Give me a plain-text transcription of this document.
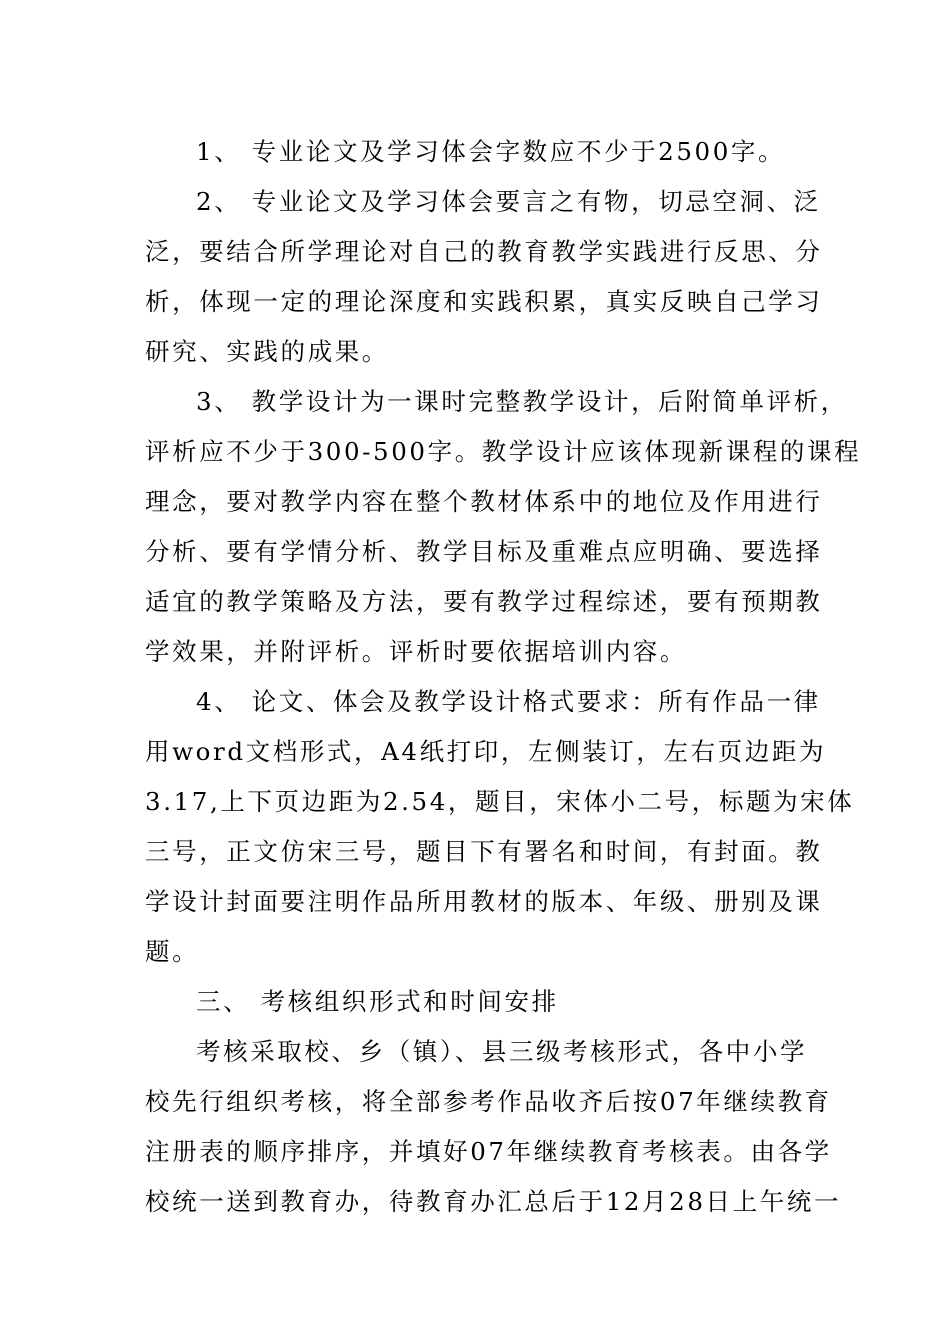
1、 专业论文及学习体会字数应不少于2500字。
2、 专业论文及学习体会要言之有物，切忌空洞、泛
泛，要结合所学理论对自己的教育教学实践进行反思、分
析，体现一定的理论深度和实践积累，真实反映自己学习
研究、实践的成果。
3、 教学设计为一课时完整教学设计，后附简单评析，
评析应不少于300-500字。教学设计应该体现新课程的课程
理念，要对教学内容在整个教材体系中的地位及作用进行
分析、要有学情分析、教学目标及重难点应明确、要选择
适宜的教学策略及方法，要有教学过程综述，要有预期教
学效果，并附评析。评析时要依据培训内容。
4、 论文、体会及教学设计格式要求：所有作品一律
用word文档形式，A4纸打印，左侧装订，左右页边距为
3.17,上下页边距为2.54，题目，宋体小二号，标题为宋体
三号，正文仿宋三号，题目下有署名和时间，有封面。教
学设计封面要注明作品所用教材的版本、年级、册别及课
题。
三、 考核组织形式和时间安排
考核采取校、乡（镇）、县三级考核形式，各中小学
校先行组织考核，将全部参考作品收齐后按07年继续教育
注册表的顺序排序，并填好07年继续教育考核表。由各学
校统一送到教育办，待教育办汇总后于12月28日上午统一
